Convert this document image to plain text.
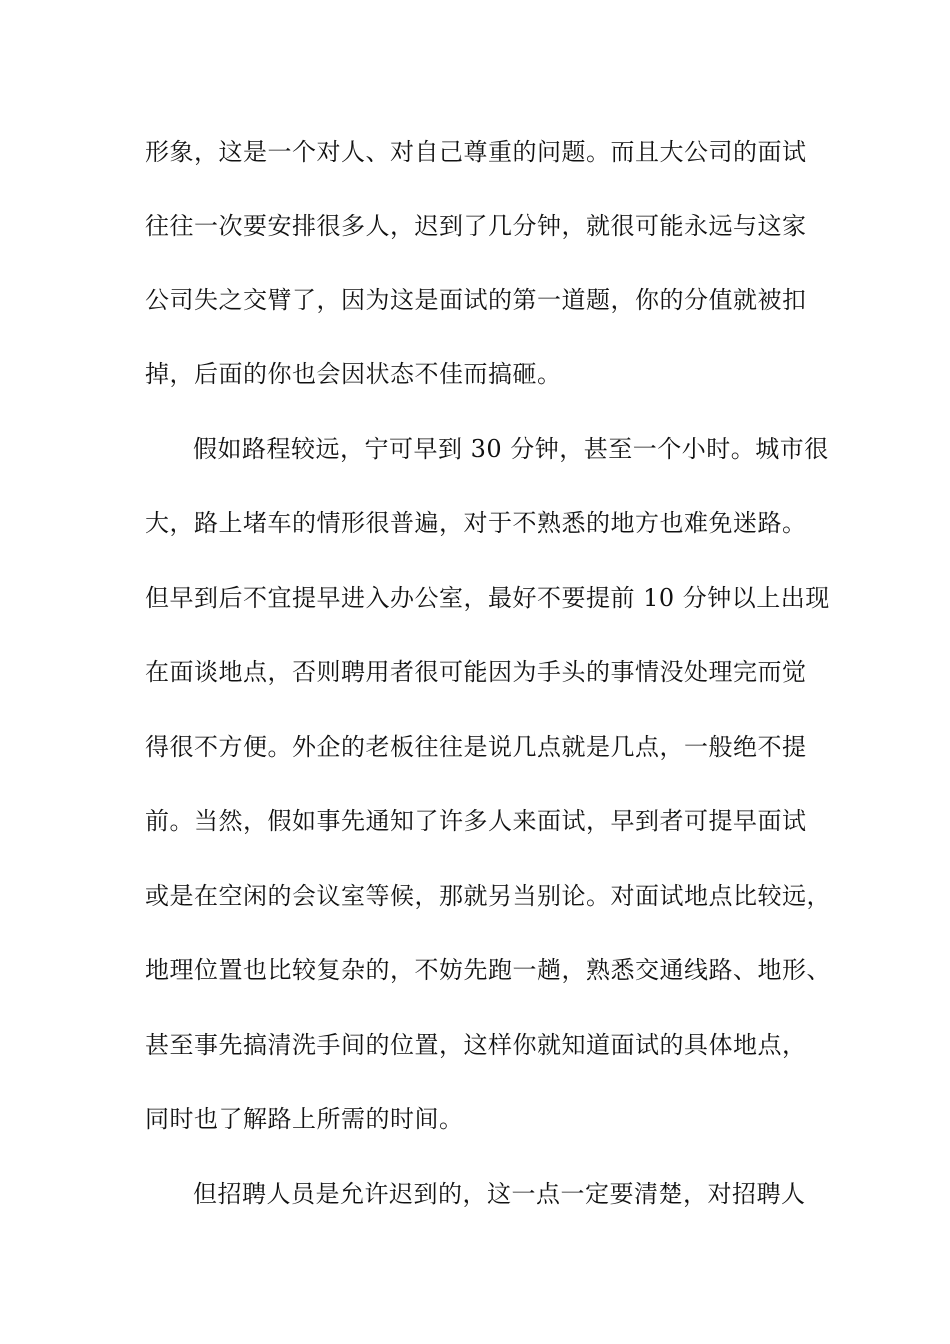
形象，这是一个对人、对自己尊重的问题。而且大公司的面试
往往一次要安排很多人，迟到了几分钟，就很可能永远与这家
公司失之交臂了，因为这是面试的第一道题，你的分值就被扣
掉，后面的你也会因状态不佳而搞砸。
假如路程较远，宁可早到 30 分钟，甚至一个小时。城市很
大，路上堵车的情形很普遍，对于不熟悉的地方也难免迷路。
但早到后不宜提早进入办公室，最好不要提前 10 分钟以上出现
在面谈地点，否则聘用者很可能因为手头的事情没处理完而觉
得很不方便。外企的老板往往是说几点就是几点，一般绝不提
前。当然，假如事先通知了许多人来面试，早到者可提早面试
或是在空闲的会议室等候，那就另当别论。对面试地点比较远，
地理位置也比较复杂的，不妨先跑一趟，熟悉交通线路、地形、
甚至事先搞清洗手间的位置，这样你就知道面试的具体地点，
同时也了解路上所需的时间。
但招聘人员是允许迟到的，这一点一定要清楚，对招聘人
